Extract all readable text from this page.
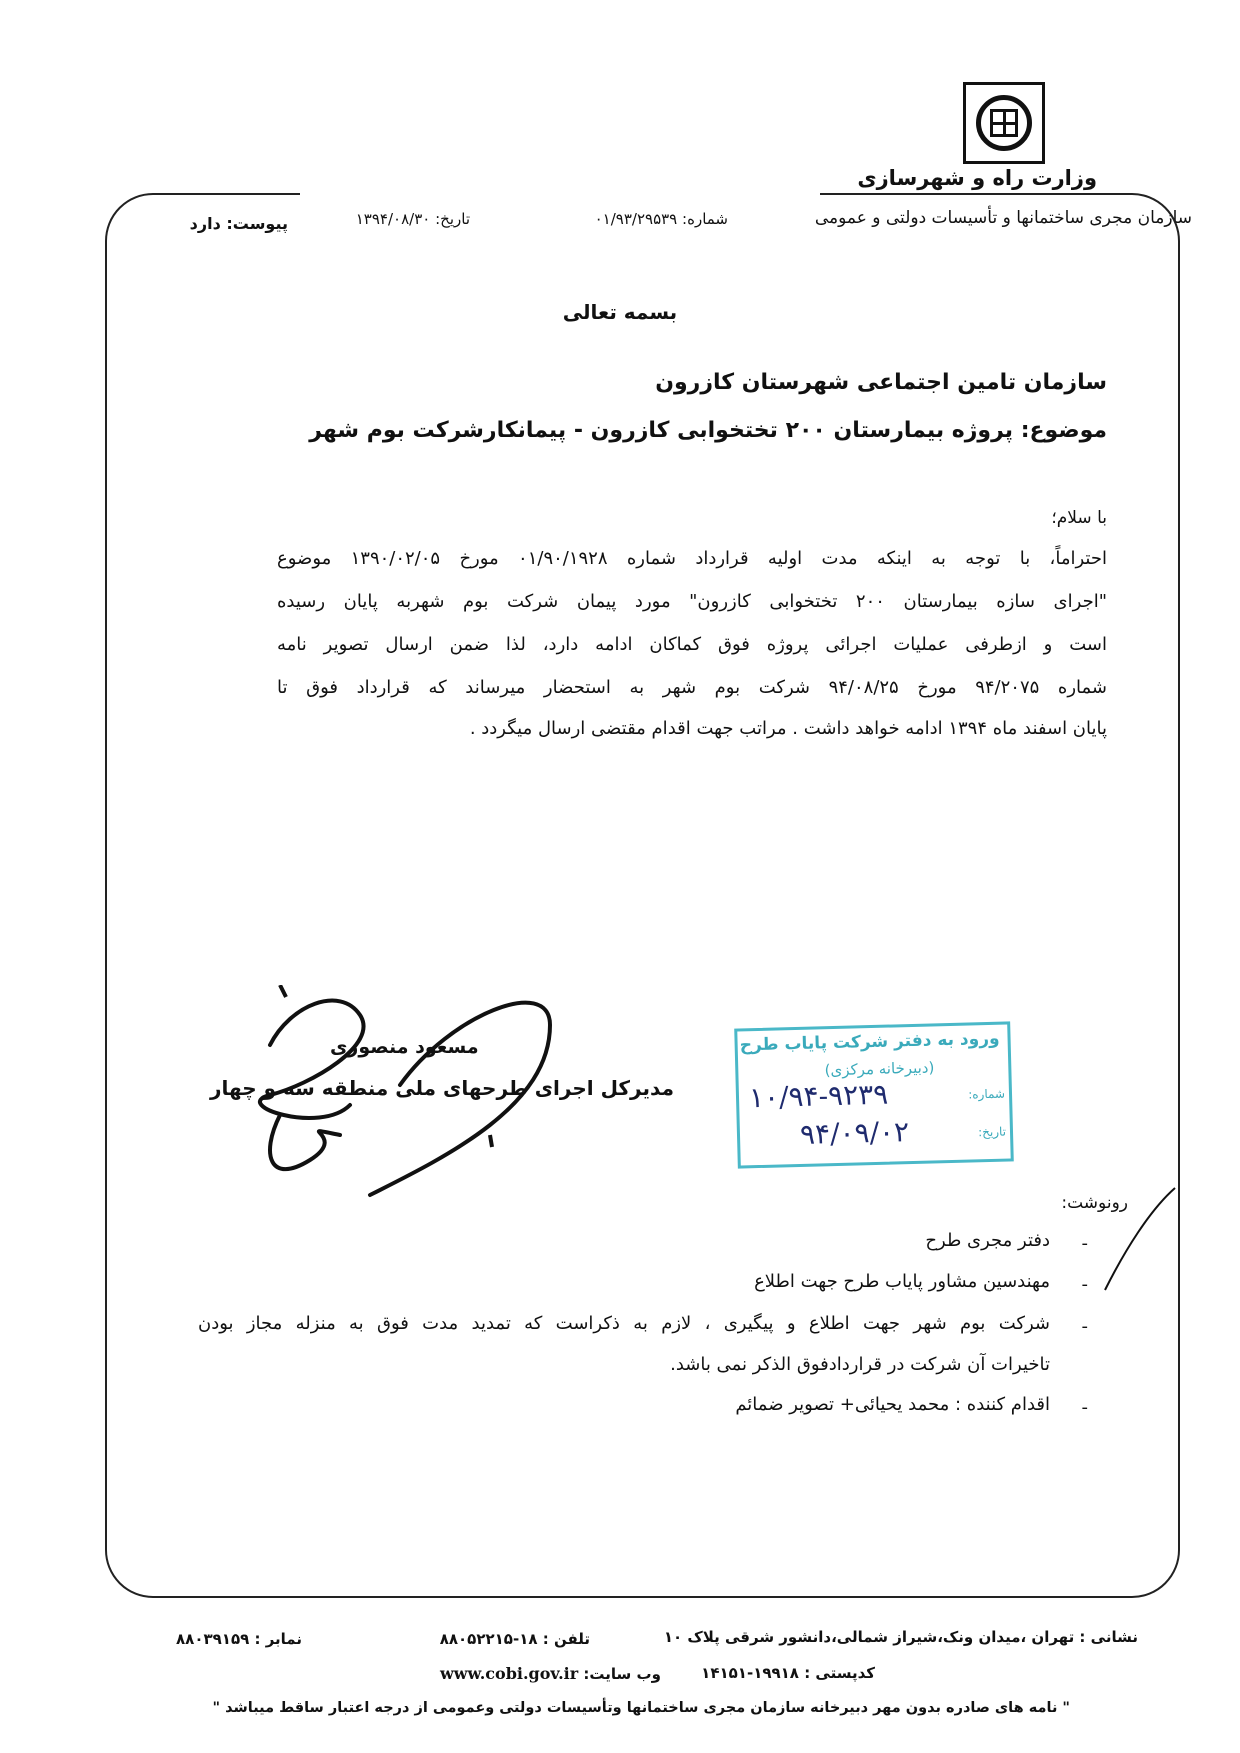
وزارت راه و شهرسازی
سازمان مجری ساختمانها و تأسیسات دولتی و عمومی
شماره: ۰۱/۹۳/۲۹۵۳۹
تاریخ: ۱۳۹۴/۰۸/۳۰
پیوست: دارد
بسمه تعالی
سازمان تامین اجتماعی شهرستان کازرون
موضوع: پروژه بیمارستان ۲۰۰ تختخوابی کازرون - پیمانکارشرکت بوم شهر
با سلام؛
احتراماً، با توجه به اینکه مدت اولیه قرارداد شماره ۰۱/۹۰/۱۹۲۸ مورخ ۱۳۹۰/۰۲/۰۵ موضوع
"اجرای سازه بیمارستان ۲۰۰ تختخوابی کازرون" مورد پیمان شرکت بوم شهربه پایان رسیده
است و ازطرفی عملیات اجرائی پروژه فوق کماکان ادامه دارد، لذا ضمن ارسال تصویر نامه
شماره ۹۴/۲۰۷۵ مورخ ۹۴/۰۸/۲۵ شرکت بوم شهر به استحضار میرساند که قرارداد فوق تا
پایان اسفند ماه ۱۳۹۴ ادامه خواهد داشت . مراتب جهت اقدام مقتضی ارسال میگردد .
مسعود منصوری
مدیرکل اجرای طرحهای ملی منطقه سه و چهار
ورود به دفتر شرکت پایاب طرح
(دبیرخانه مرکزی)
شماره:
۱۰/۹۴-۹۲۳۹
تاریخ:
۹۴/۰۹/۰۲
رونوشت:
-
دفتر مجری طرح
-
مهندسین مشاور پایاب طرح جهت اطلاع
-
شرکت بوم شهر جهت اطلاع و پیگیری ، لازم به ذکراست که تمدید مدت فوق به منزله مجاز بودن
تاخیرات آن شرکت در قراردادفوق الذکر نمی باشد.
-
اقدام کننده : محمد یحیائی+ تصویر ضمائم
نشانی : تهران ،میدان ونک،شیراز شمالی،دانشور شرقی پلاک ۱۰
تلفن : ۱۸-۸۸۰۵۲۲۱۵
نمابر : ۸۸۰۳۹۱۵۹
کدپستی : ۱۹۹۱۸-۱۴۱۵۱
وب سایت: www.cobi.gov.ir
" نامه های صادره بدون مهر دبیرخانه سازمان مجری ساختمانها وتأسیسات دولتی وعمومی از درجه اعتبار ساقط میباشد "
